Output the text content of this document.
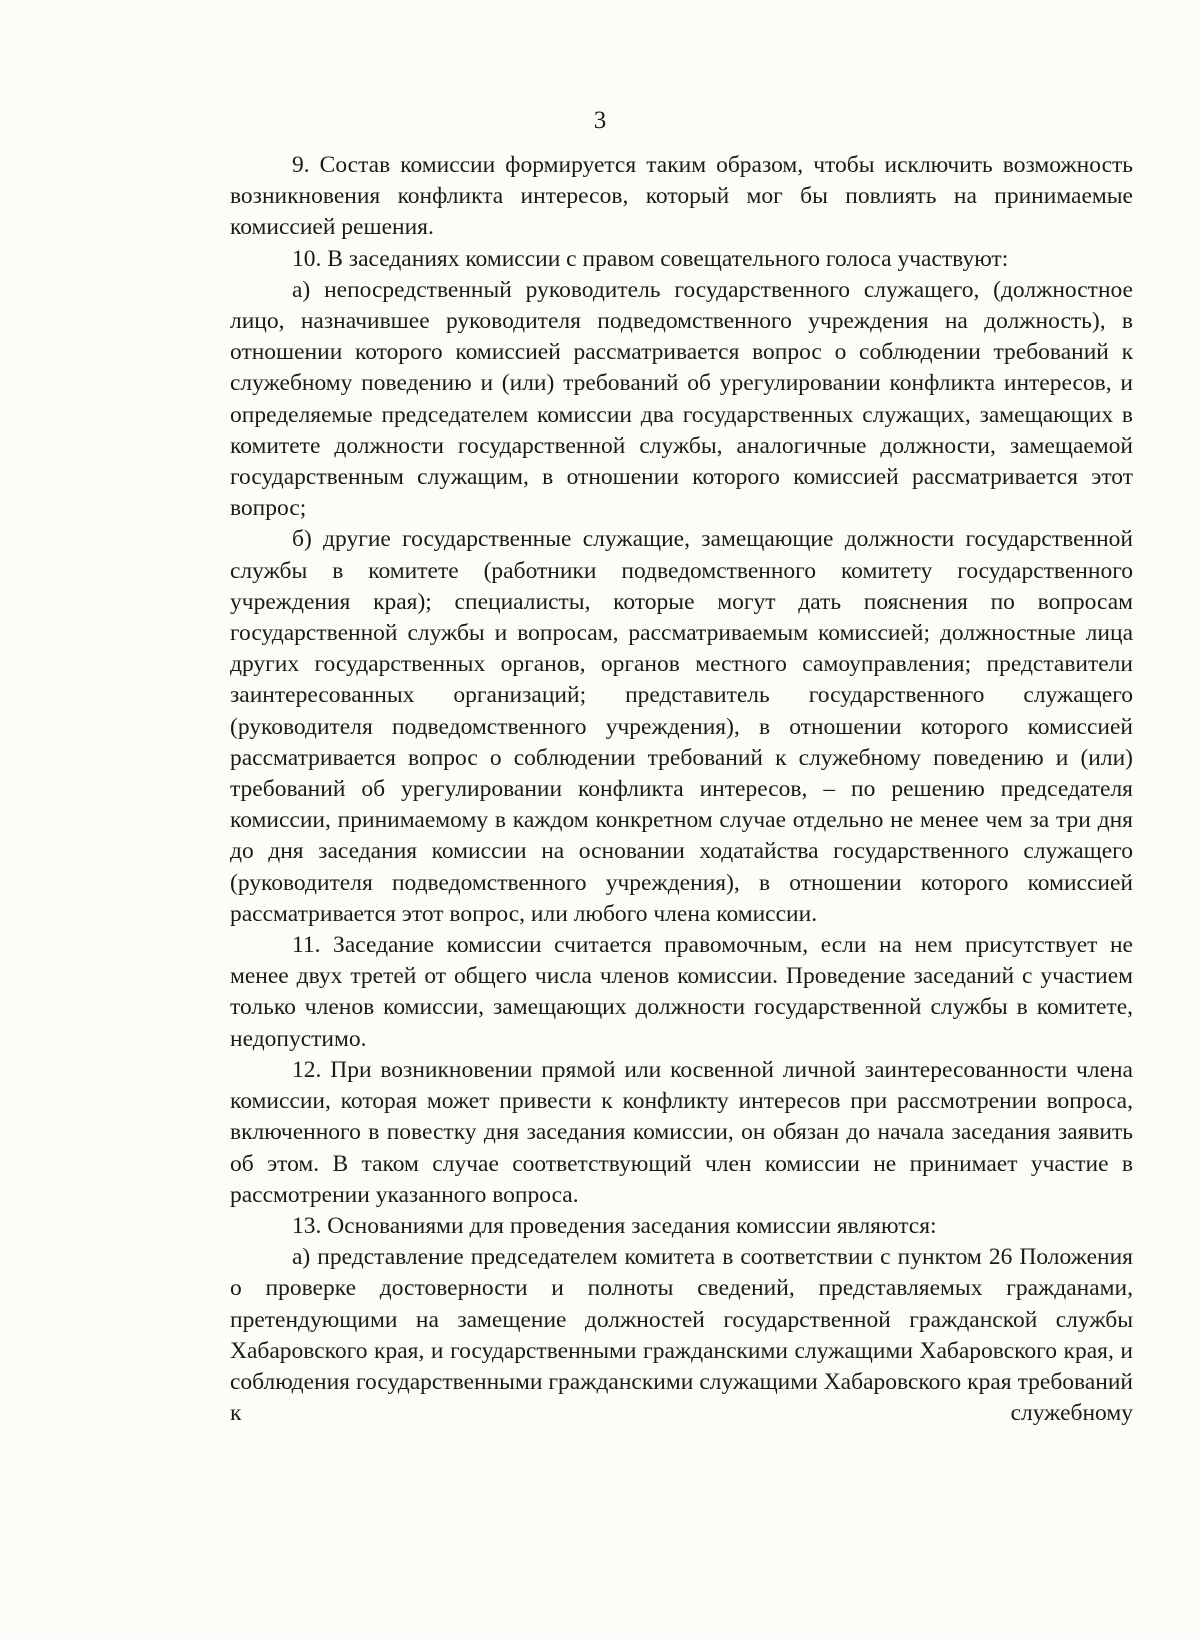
3

9. Состав комиссии формируется таким образом, чтобы исключить возможность возникновения конфликта интересов, который мог бы повлиять на принимаемые комиссией решения.

10. В заседаниях комиссии с правом совещательного голоса участвуют:

а) непосредственный руководитель государственного служащего, (должностное лицо, назначившее руководителя подведомственного учреждения на должность), в отношении которого комиссией рассматривается вопрос о соблюдении требований к служебному поведению и (или) требований об урегулировании конфликта интересов, и определяемые председателем комиссии два государственных служащих, замещающих в комитете должности государственной службы, аналогичные должности, замещаемой государственным служащим, в отношении которого комиссией рассматривается этот вопрос;

б) другие государственные служащие, замещающие должности государственной службы в комитете (работники подведомственного комитету государственного учреждения края); специалисты, которые могут дать пояснения по вопросам государственной службы и вопросам, рассматриваемым комиссией; должностные лица других государственных органов, органов местного самоуправления; представители заинтересованных организаций; представитель государственного служащего (руководителя подведомственного учреждения), в отношении которого комиссией рассматривается вопрос о соблюдении требований к служебному поведению и (или) требований об урегулировании конфликта интересов, – по решению председателя комиссии, принимаемому в каждом конкретном случае отдельно не менее чем за три дня до дня заседания комиссии на основании ходатайства государственного служащего (руководителя подведомственного учреждения), в отношении которого комиссией рассматривается этот вопрос, или любого члена комиссии.

11. Заседание комиссии считается правомочным, если на нем присутствует не менее двух третей от общего числа членов комиссии. Проведение заседаний с участием только членов комиссии, замещающих должности государственной службы в комитете, недопустимо.

12. При возникновении прямой или косвенной личной заинтересованности члена комиссии, которая может привести к конфликту интересов при рассмотрении вопроса, включенного в повестку дня заседания комиссии, он обязан до начала заседания заявить об этом. В таком случае соответствующий член комиссии не принимает участие в рассмотрении указанного вопроса.

13. Основаниями для проведения заседания комиссии являются:

а) представление председателем комитета в соответствии с пунктом 26 Положения о проверке достоверности и полноты сведений, представляемых гражданами, претендующими на замещение должностей государственной гражданской службы Хабаровского края, и государственными гражданскими служащими Хабаровского края, и соблюдения государственными гражданскими служащими Хабаровского края требований к служебному
